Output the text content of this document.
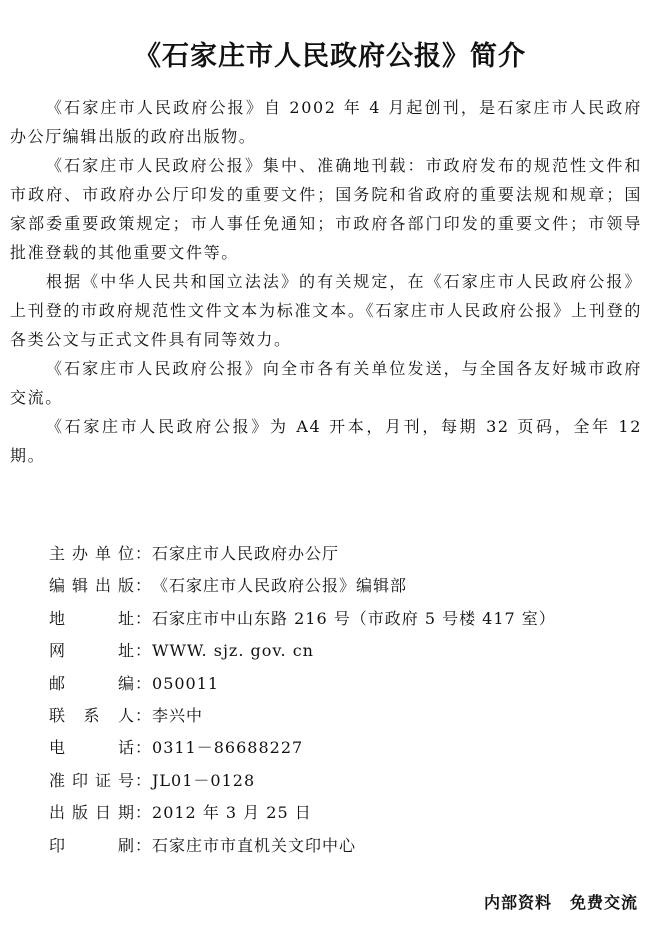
《石家庄市人民政府公报》简介

《石家庄市人民政府公报》自 2002 年 4 月起创刊，是石家庄市人民政府办公厅编辑出版的政府出版物。

《石家庄市人民政府公报》集中、准确地刊载：市政府发布的规范性文件和市政府、市政府办公厅印发的重要文件；国务院和省政府的重要法规和规章；国家部委重要政策规定；市人事任免通知；市政府各部门印发的重要文件；市领导批准登载的其他重要文件等。

根据《中华人民共和国立法法》的有关规定，在《石家庄市人民政府公报》上刊登的市政府规范性文件文本为标准文本。《石家庄市人民政府公报》上刊登的各类公文与正式文件具有同等效力。

《石家庄市人民政府公报》向全市各有关单位发送，与全国各友好城市政府交流。

《石家庄市人民政府公报》为 A4 开本，月刊，每期 32 页码，全年 12 期。

主办单位：石家庄市人民政府办公厅
编辑出版：《石家庄市人民政府公报》编辑部
地址：石家庄市中山东路 216 号（市政府 5 号楼 417 室）
网址：WWW. sjz. gov. cn
邮编：050011
联系人：李兴中
电话：0311－86688227
准印证号：JL01－0128
出版日期：2012 年 3 月 25 日
印刷：石家庄市市直机关文印中心
内部资料 免费交流
